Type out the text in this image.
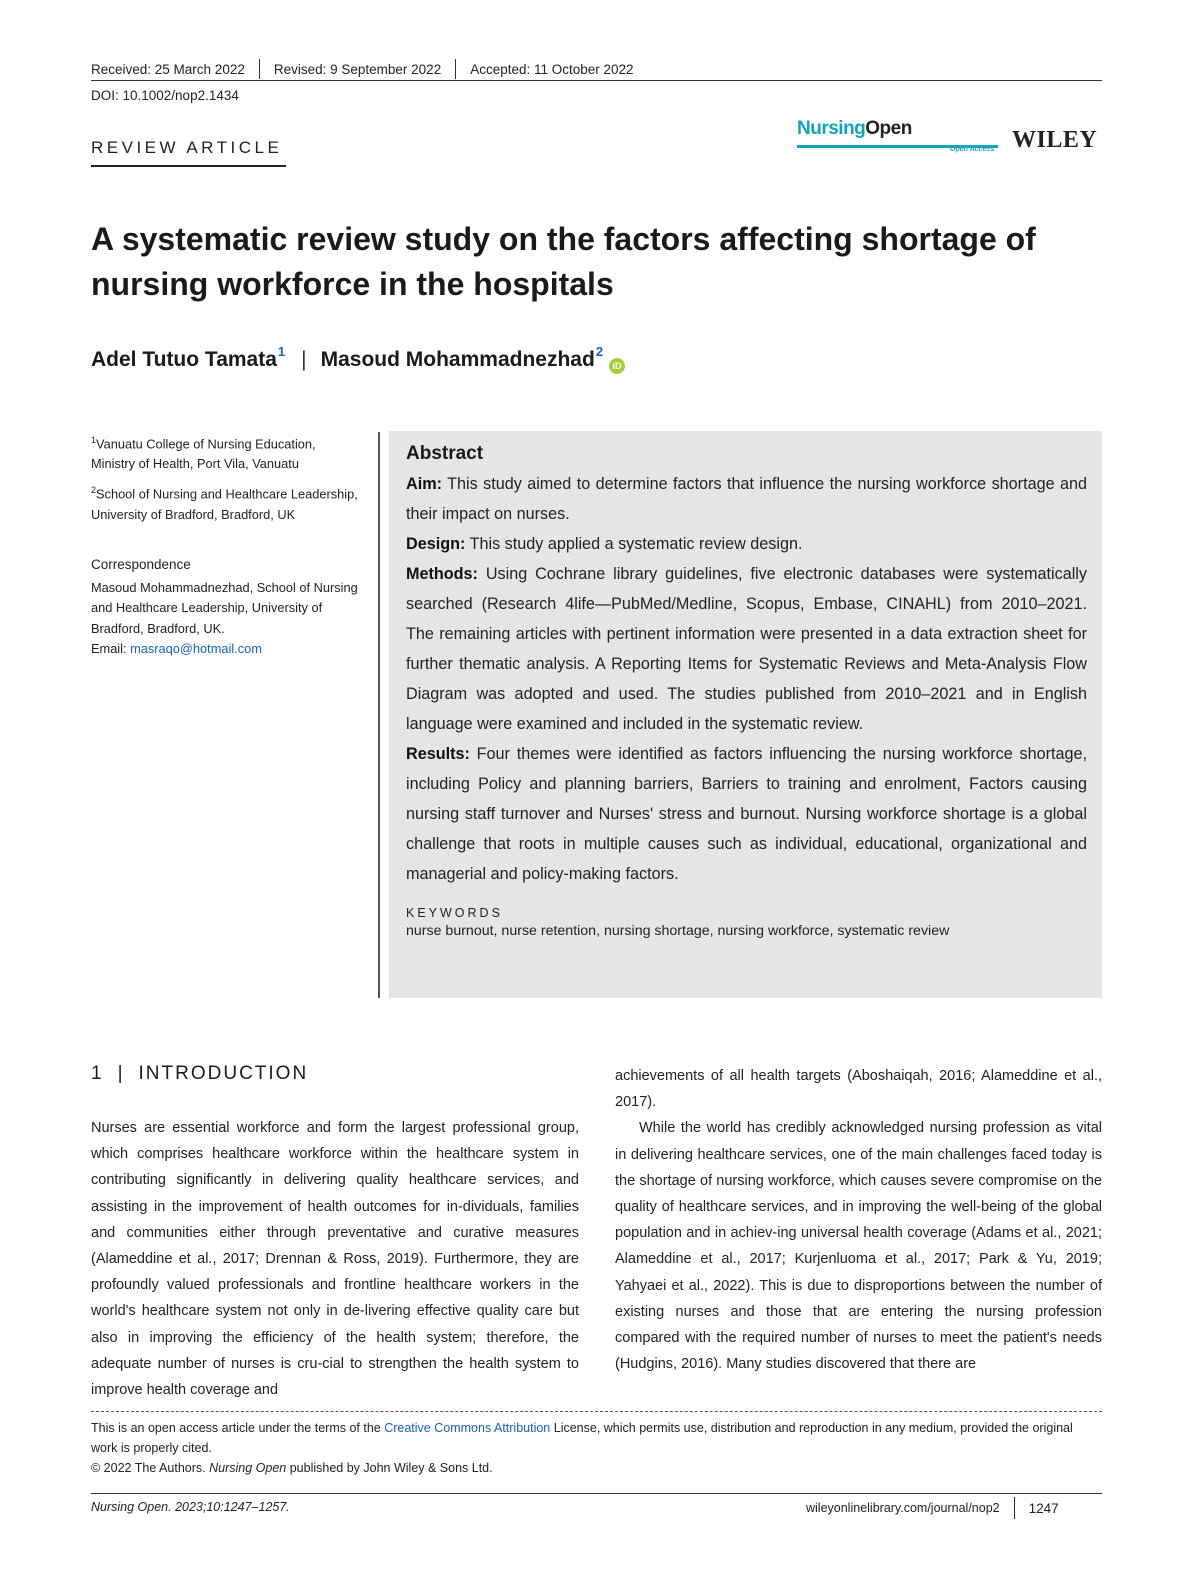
Received: 25 March 2022 Revised: 9 September 2022 Accepted: 11 October 2022
DOI: 10.1002/nop2.1434
REVIEW ARTICLE
NursingOpen
Open Access WILEY
A systematic review study on the factors affecting shortage of nursing workforce in the hospitals
Adel Tutuo Tamata$^1$ | Masoud Mohammadnezhad$^2$
iD

$^1$Vanuatu College of Nursing Education, Ministry of Health, Port Vila, Vanuatu

$^2$School of Nursing and Healthcare Leadership, University of Bradford, Bradford, UK

Correspondence
Masoud Mohammadnezhad, School of Nursing and Healthcare Leadership, University of Bradford, Bradford, UK.
Email: masraqo@hotmail.com
Abstract

Aim: This study aimed to determine factors that influence the nursing workforce shortage and their impact on nurses.

Design: This study applied a systematic review design.

Methods: Using Cochrane library guidelines, five electronic databases were systematically searched (Research 4life—PubMed/Medline, Scopus, Embase, CINAHL) from 2010–2021. The remaining articles with pertinent information were presented in a data extraction sheet for further thematic analysis. A Reporting Items for Systematic Reviews and Meta-Analysis Flow Diagram was adopted and used. The studies published from 2010–2021 and in English language were examined and included in the systematic review.

Results: Four themes were identified as factors influencing the nursing workforce shortage, including Policy and planning barriers, Barriers to training and enrolment, Factors causing nursing staff turnover and Nurses' stress and burnout. Nursing workforce shortage is a global challenge that roots in multiple causes such as individual, educational, organizational and managerial and policy-making factors.

KEYWORDS
nurse burnout, nurse retention, nursing shortage, nursing workforce, systematic review
1 | INTRODUCTION

Nurses are essential workforce and form the largest professional group, which comprises healthcare workforce within the healthcare system in contributing significantly in delivering quality healthcare services, and assisting in the improvement of health outcomes for in-dividuals, families and communities either through preventative and curative measures (Alameddine et al., 2017; Drennan & Ross, 2019). Furthermore, they are profoundly valued professionals and frontline healthcare workers in the world's healthcare system not only in de-livering effective quality care but also in improving the efficiency of the health system; therefore, the adequate number of nurses is cru-cial to strengthen the health system to improve health coverage and

achievements of all health targets (Aboshaiqah, 2016; Alameddine et al., 2017).

While the world has credibly acknowledged nursing profession as vital in delivering healthcare services, one of the main challenges faced today is the shortage of nursing workforce, which causes severe compromise on the quality of healthcare services, and in improving the well-being of the global population and in achiev-ing universal health coverage (Adams et al., 2021; Alameddine et al., 2017; Kurjenluoma et al., 2017; Park & Yu, 2019; Yahyaei et al., 2022). This is due to disproportions between the number of existing nurses and those that are entering the nursing profession compared with the required number of nurses to meet the patient's needs (Hudgins, 2016). Many studies discovered that there are

This is an open access article under the terms of the Creative Commons Attribution License, which permits use, distribution and reproduction in any medium, provided the original work is properly cited.

© 2022 The Authors. Nursing Open published by John Wiley & Sons Ltd.

Nursing Open. 2023;10:1247–1257.	wileyonlinelibrary.com/journal/nop2 1247
